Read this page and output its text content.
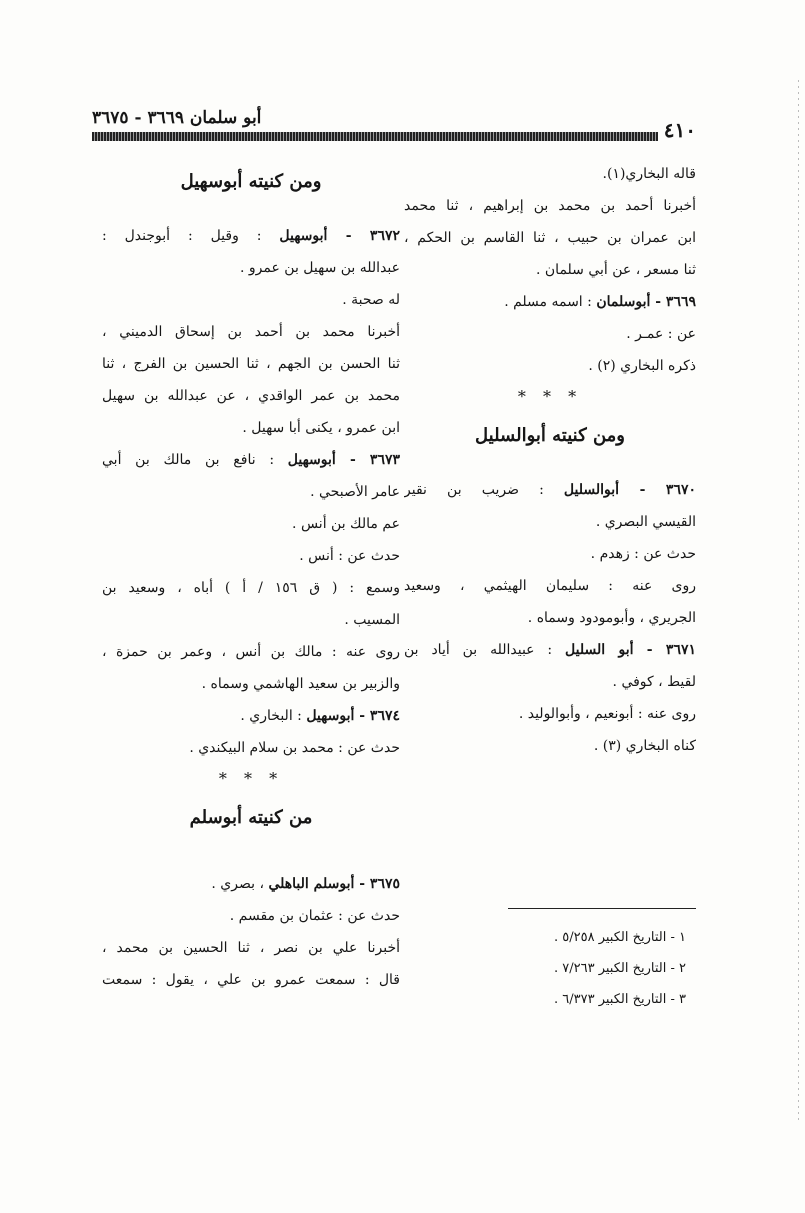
أبو سلمان ٣٦٦٩ - ٣٦٧٥	٤١٠
قاله البخاري(١).
أخبرنا أحمد بن محمد بن إبراهيم ، ثنا محمد
ابن عمران بن حبيب ، ثنا القاسم بن الحكم ،
ثنا مسعر ، عن أبي سلمان .
٣٦٦٩ - أبوسلمان : اسمه مسلم .
عن : عمـر .
ذكره البخاري (٢) .
* * *
ومن كنيته أبوالسليل
٣٦٧٠ - أبوالسليل : ضريب بن نقير
القيسي البصري .
حدث عن : زهدم .
روى عنه : سليمان الهيثمي ، وسعيد
الجريري ، وأبومودود وسماه .
٣٦٧١ - أبو السليل : عبيدالله بن أياد بن
لقيط ، كوفي .
روى عنه : أبونعيم ، وأبوالوليد .
كناه البخاري (٣) .
ومن كنيته أبوسهيل
٣٦٧٢ - أبوسهيل : وقيل : أبوجندل :
عبدالله بن سهيل بن عمرو .
له صحبة .
أخبرنا محمد بن أحمد بن إسحاق الدميني ،
ثنا الحسن بن الجهم ، ثنا الحسين بن الفرج ، ثنا
محمد بن عمر الواقدي ، عن عبدالله بن سهيل
ابن عمرو ، يكنى أبا سهيل .
٣٦٧٣ - أبوسهيل : نافع بن مالك بن أبي
عامر الأصبحي .
عم مالك بن أنس .
حدث عن : أنس .
وسمع : ( ق ١٥٦ / أ ) أباه ، وسعيد بن
المسيب .
روى عنه : مالك بن أنس ، وعمر بن حمزة ،
والزبير بن سعيد الهاشمي وسماه .
٣٦٧٤ - أبوسهيل : البخاري .
حدث عن : محمد بن سلام البيكندي .
* * *
من كنيته أبوسلم
٣٦٧٥ - أبوسلم الباهلي ، بصري .
حدث عن : عثمان بن مقسم .
أخبرنا علي بن نصر ، ثنا الحسين بن محمد ،
قال : سمعت عمرو بن علي ، يقول : سمعت
١ - التاريخ الكبير ٥/٢٥٨ .
٢ - التاريخ الكبير ٧/٢٦٣ .
٣ - التاريخ الكبير ٦/٣٧٣ .
